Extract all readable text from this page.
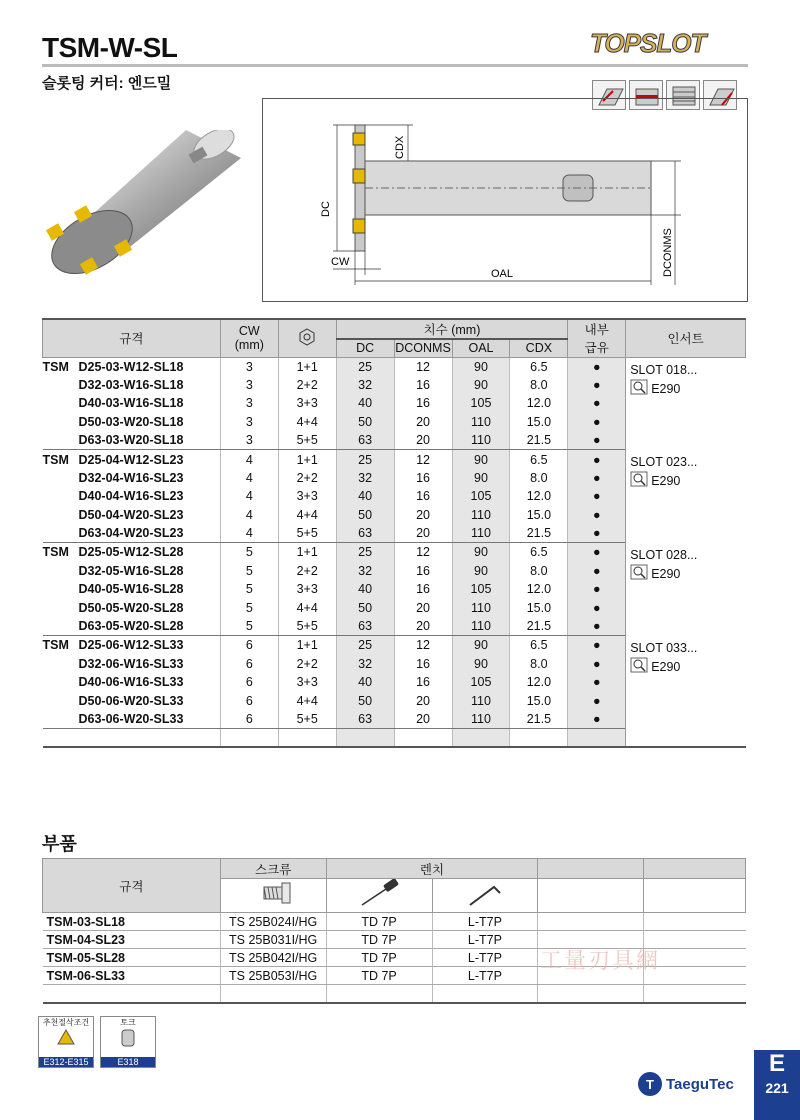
TSM-W-SL
슬롯팅 커터: 엔드밀
TOPSLOT
CDX
DC
CW
OAL	DCONMS
규격	CW
(mm)		치수 (mm)				내부
급유	인서트
			DC	DCONMS	OAL	CDX		
TSM D25-03-W12-SL18	3	1+1	25	12	90	6.5	●	SLOT 018...
E290

D32-03-W16-SL18	3	2+2	32	16	90	8.0	●	
D40-03-W16-SL18	3	3+3	40	16	105	12.0	●	
D50-03-W20-SL18	3	4+4	50	20	110	15.0	●	
D63-03-W20-SL18	3	5+5	63	20	110	21.5	●	
TSM D25-04-W12-SL23	4	1+1	25	12	90	6.5	●	SLOT 023...
E290

D32-04-W16-SL23	4	2+2	32	16	90	8.0	●	
D40-04-W16-SL23	4	3+3	40	16	105	12.0	●	
D50-04-W20-SL23	4	4+4	50	20	110	15.0	●	
D63-04-W20-SL23	4	5+5	63	20	110	21.5	●	
TSM D25-05-W12-SL28	5	1+1	25	12	90	6.5	●	SLOT 028...
E290

D32-05-W16-SL28	5	2+2	32	16	90	8.0	●	
D40-05-W16-SL28	5	3+3	40	16	105	12.0	●	
D50-05-W20-SL28	5	4+4	50	20	110	15.0	●	
D63-05-W20-SL28	5	5+5	63	20	110	21.5	●	
TSM D25-06-W12-SL33	6	1+1	25	12	90	6.5	●	SLOT 033...
E290

D32-06-W16-SL33	6	2+2	32	16	90	8.0	●	
D40-06-W16-SL33	6	3+3	40	16	105	12.0	●	
D50-06-W20-SL33	6	4+4	50	20	110	15.0	●	
D63-06-W20-SL33	6	5+5	63	20	110	21.5	●	

부품
규격	스크류	렌치			

TSM-03-SL18	TS 25B024I/HG	TD 7P	L-T7P		
TSM-04-SL23	TS 25B031I/HG	TD 7P	L-T7P		
TSM-05-SL28	TS 25B042I/HG	TD 7P	L-T7P		
TSM-06-SL33	TS 25B053I/HG	TD 7P	L-T7P		

工量刃具網
추천절삭조건
E312-E315
토크
E318
T TaeguTec
E
221
